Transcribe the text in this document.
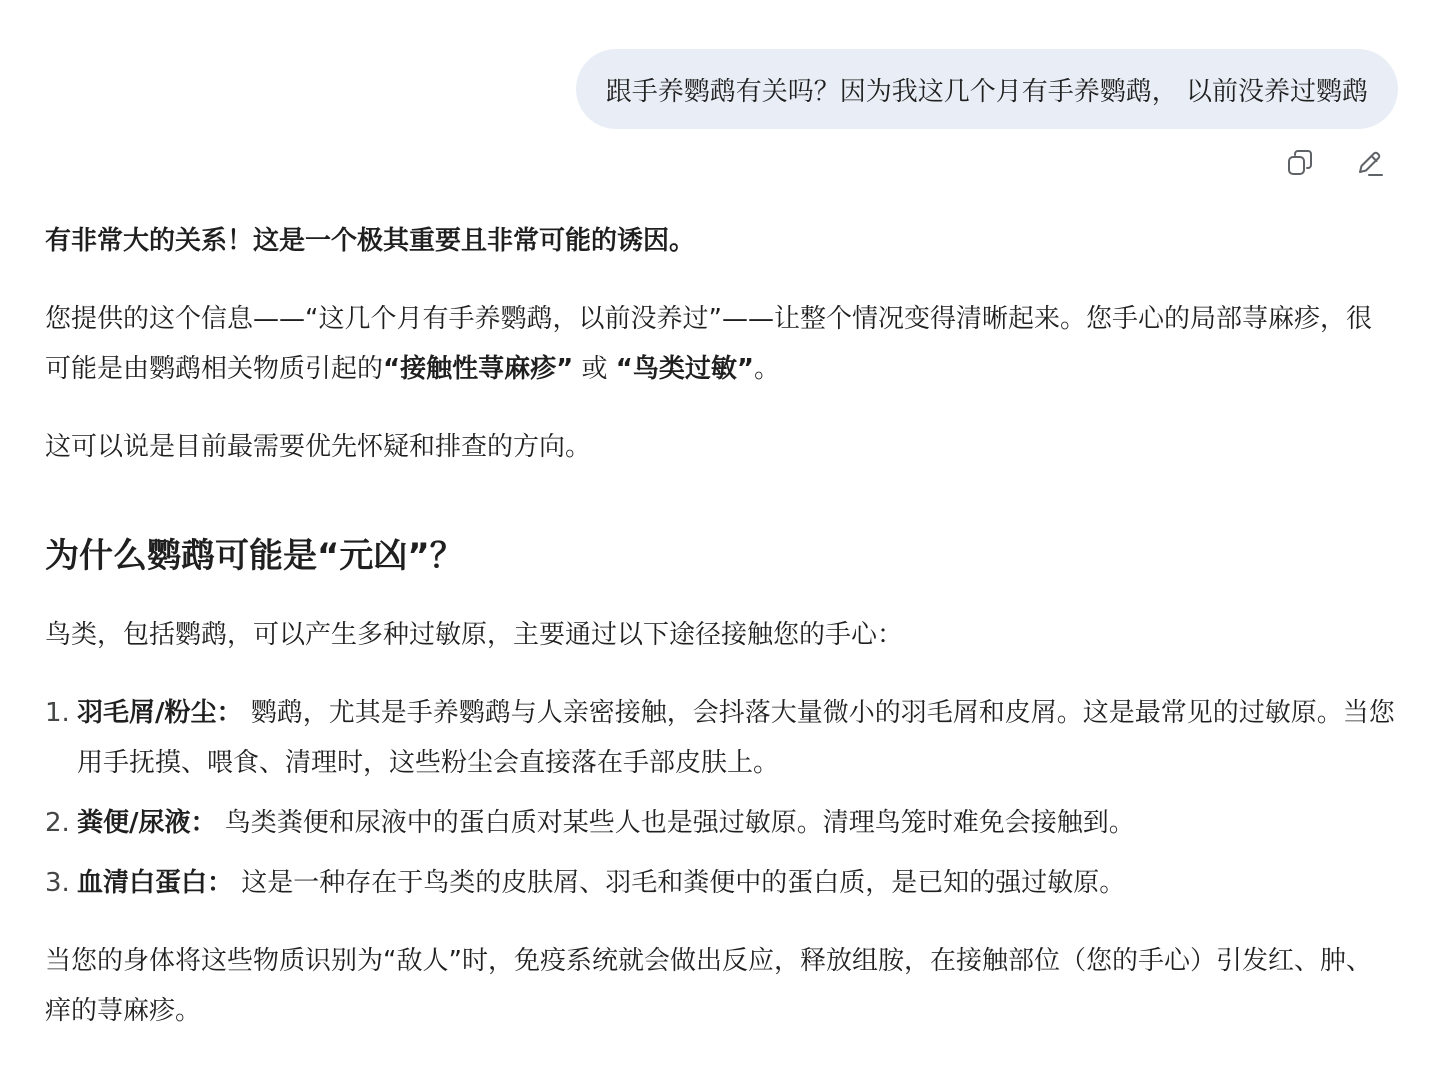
跟手养鹦鹉有关吗？因为我这几个月有手养鹦鹉， 以前没养过鹦鹉

有非常大的关系！这是一个极其重要且非常可能的诱因。

您提供的这个信息——“这几个月有手养鹦鹉，以前没养过”——让整个情况变得清晰起来。您手心的局部荨麻疹，很可能是由鹦鹉相关物质引起的“接触性荨麻疹” 或 “鸟类过敏”。

这可以说是目前最需要优先怀疑和排查的方向。

为什么鹦鹉可能是“元凶”？

鸟类，包括鹦鹉，可以产生多种过敏原，主要通过以下途径接触您的手心：

1. 羽毛屑/粉尘： 鹦鹉，尤其是手养鹦鹉与人亲密接触，会抖落大量微小的羽毛屑和皮屑。这是最常见的过敏原。当您用手抚摸、喂食、清理时，这些粉尘会直接落在手部皮肤上。
2. 粪便/尿液： 鸟类粪便和尿液中的蛋白质对某些人也是强过敏原。清理鸟笼时难免会接触到。
3. 血清白蛋白： 这是一种存在于鸟类的皮肤屑、羽毛和粪便中的蛋白质，是已知的强过敏原。

当您的身体将这些物质识别为“敌人”时，免疫系统就会做出反应，释放组胺，在接触部位（您的手心）引发红、肿、痒的荨麻疹。
